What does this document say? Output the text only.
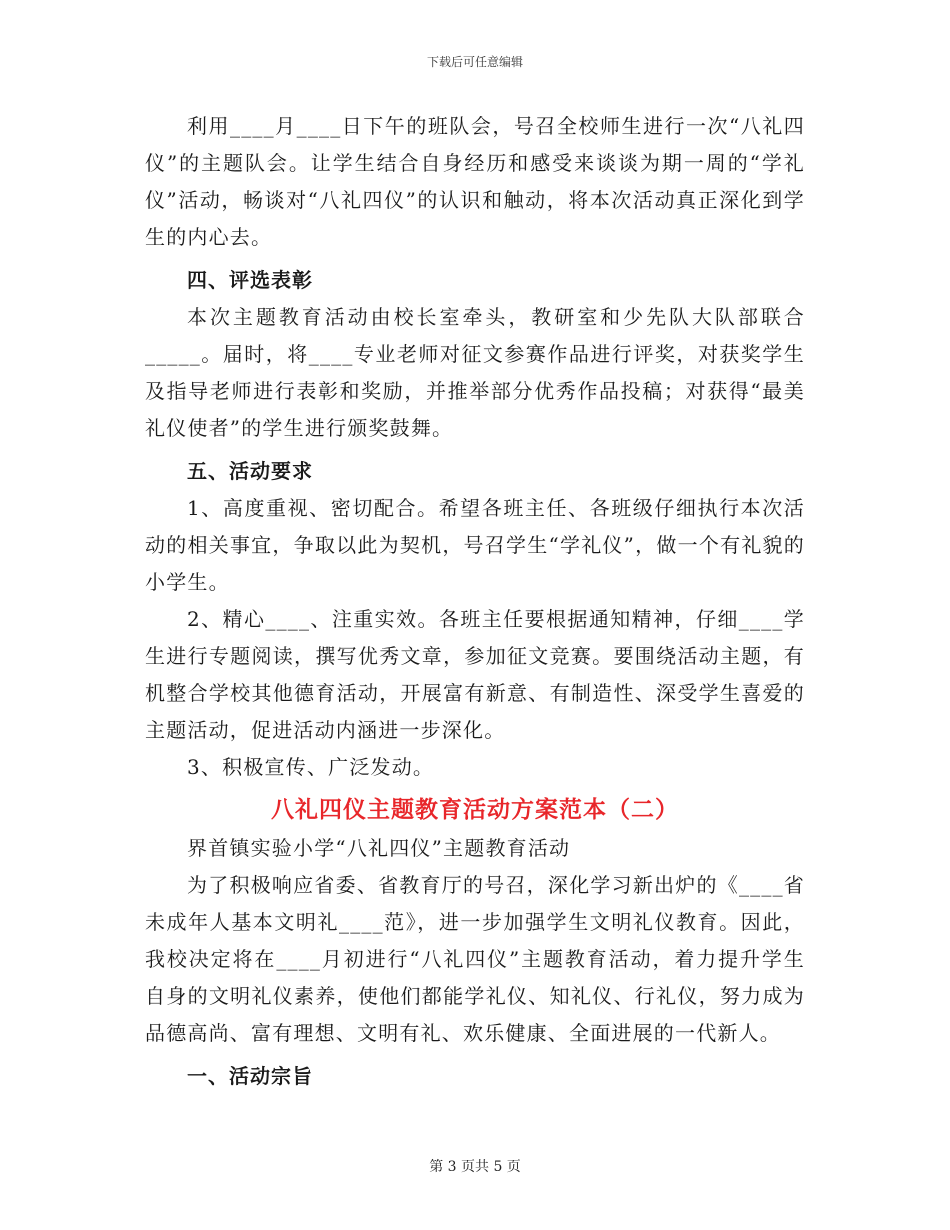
下载后可任意编辑

利用____月____日下午的班队会，号召全校师生进行一次“八礼四仪”的主题队会。让学生结合自身经历和感受来谈谈为期一周的“学礼仪”活动，畅谈对“八礼四仪”的认识和触动，将本次活动真正深化到学生的内心去。

四、评选表彰

本次主题教育活动由校长室牵头，教研室和少先队大队部联合_____。届时，将____专业老师对征文参赛作品进行评奖，对获奖学生及指导老师进行表彰和奖励，并推举部分优秀作品投稿；对获得“最美礼仪使者”的学生进行颁奖鼓舞。

五、活动要求

1、高度重视、密切配合。希望各班主任、各班级仔细执行本次活动的相关事宜，争取以此为契机，号召学生“学礼仪”，做一个有礼貌的小学生。

2、精心____、注重实效。各班主任要根据通知精神，仔细____学生进行专题阅读，撰写优秀文章，参加征文竞赛。要围绕活动主题，有机整合学校其他德育活动，开展富有新意、有制造性、深受学生喜爱的主题活动，促进活动内涵进一步深化。

3、积极宣传、广泛发动。

八礼四仪主题教育活动方案范本（二）

界首镇实验小学“八礼四仪”主题教育活动

为了积极响应省委、省教育厅的号召，深化学习新出炉的《____省未成年人基本文明礼____范》，进一步加强学生文明礼仪教育。因此，我校决定将在____月初进行“八礼四仪”主题教育活动，着力提升学生自身的文明礼仪素养，使他们都能学礼仪、知礼仪、行礼仪，努力成为品德高尚、富有理想、文明有礼、欢乐健康、全面进展的一代新人。

一、活动宗旨

第 3 页共 5 页
